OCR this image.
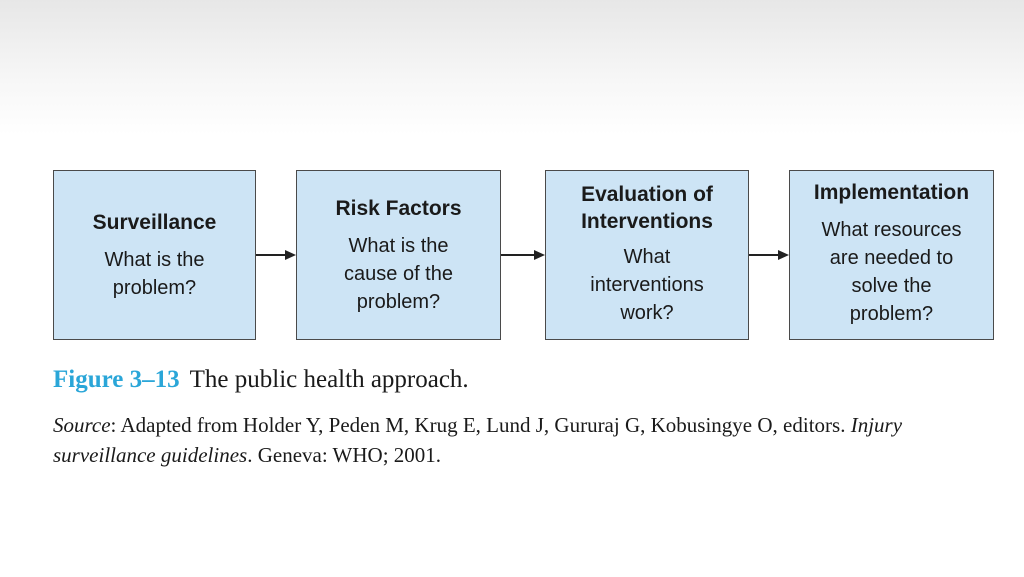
Surveillance
What is the
problem?
Risk Factors
What is the
cause of the
problem?
Evaluation of
Interventions
What
interventions
work?
Implementation
What resources
are needed to
solve the
problem?
Figure 3–13 The public health approach.
Source: Adapted from Holder Y, Peden M, Krug E, Lund J, Gururaj G, Kobusingye O, editors. Injury surveillance guidelines. Geneva: WHO; 2001.
